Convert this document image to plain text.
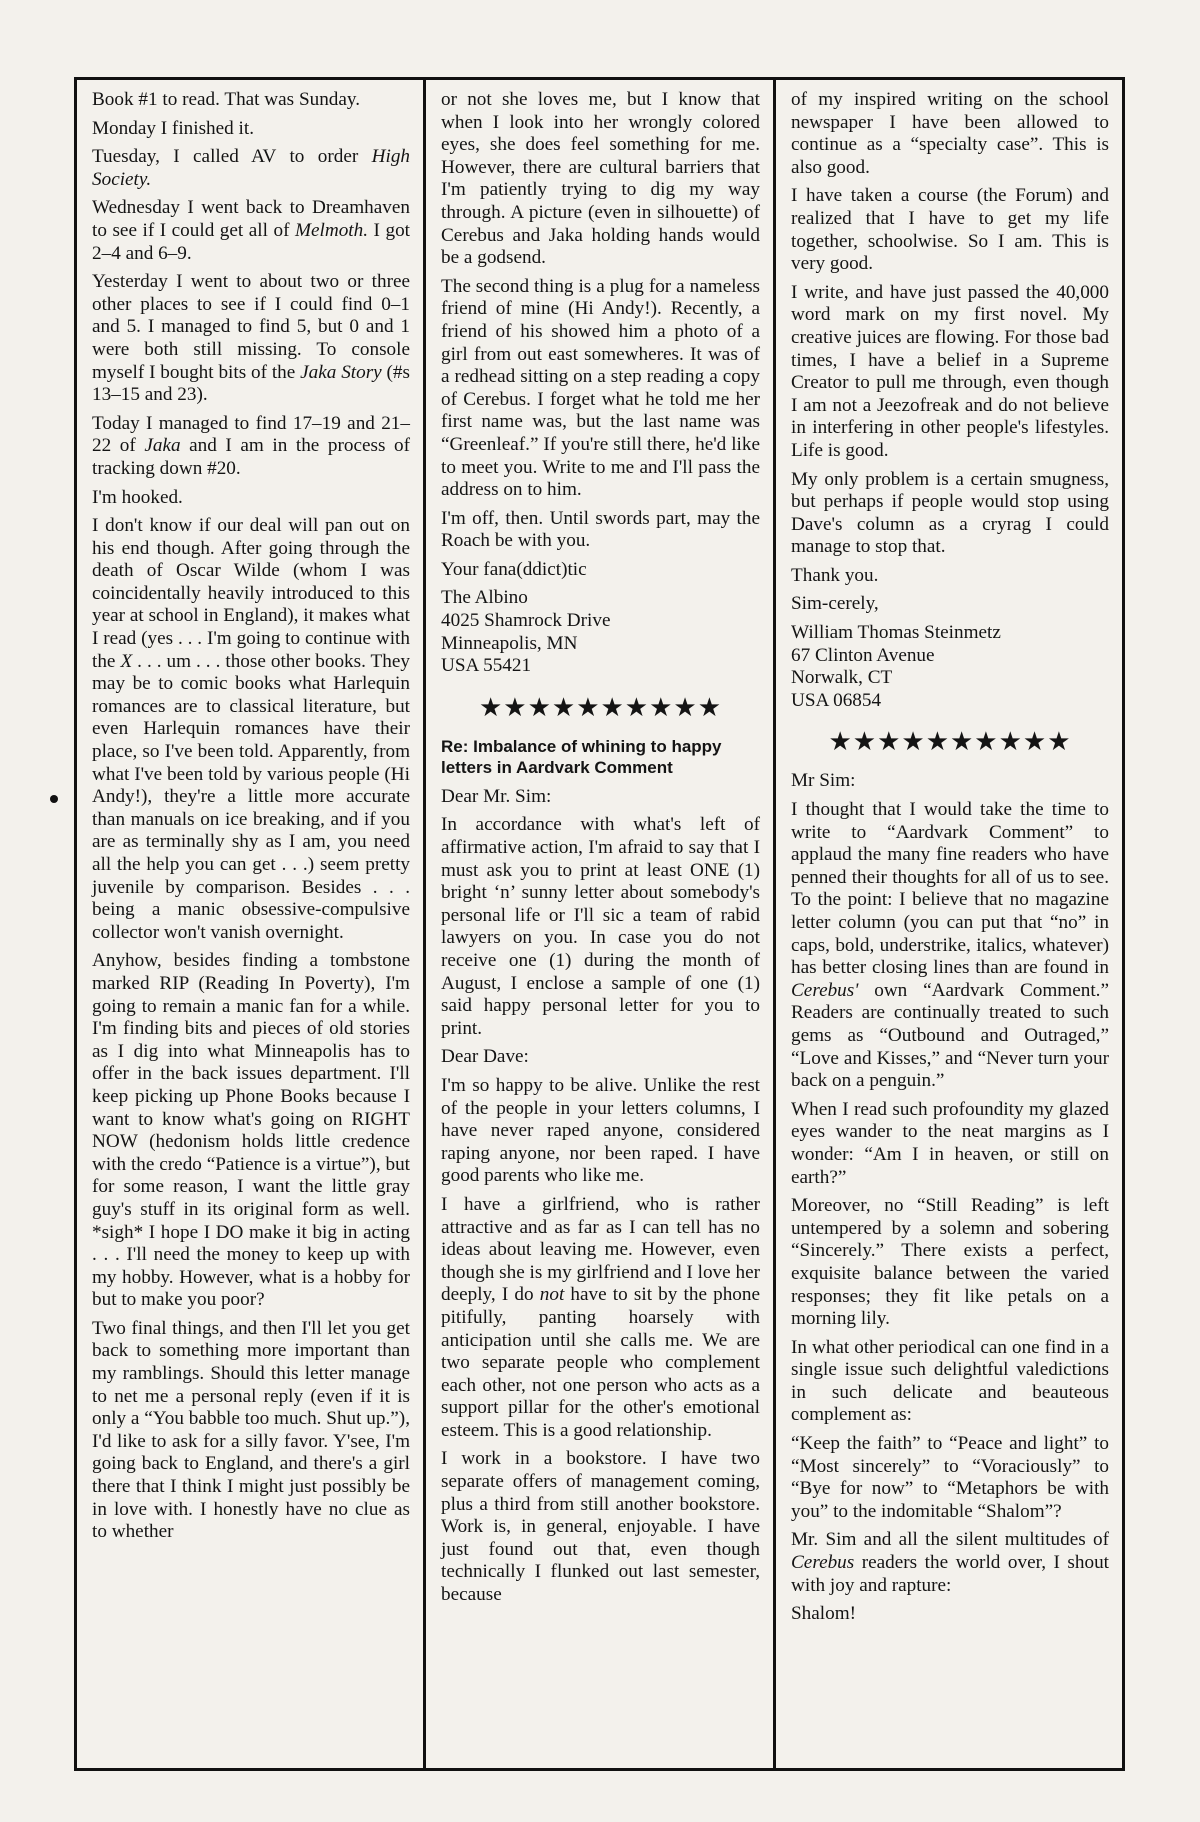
Book #1 to read. That was Sunday.

Monday I finished it.

Tuesday, I called AV to order High Society.

Wednesday I went back to Dreamhaven to see if I could get all of Melmoth. I got 2–4 and 6–9.

Yesterday I went to about two or three other places to see if I could find 0–1 and 5. I managed to find 5, but 0 and 1 were both still missing. To console myself I bought bits of the Jaka Story (#s 13–15 and 23).

Today I managed to find 17–19 and 21–22 of Jaka and I am in the process of tracking down #20.

I'm hooked.

I don't know if our deal will pan out on his end though. After going through the death of Oscar Wilde (whom I was coincidentally heavily introduced to this year at school in England), it makes what I read (yes . . . I'm going to continue with the X . . . um . . . those other books. They may be to comic books what Harlequin romances are to classical literature, but even Harlequin romances have their place, so I've been told. Apparently, from what I've been told by various people (Hi Andy!), they're a little more accurate than manuals on ice breaking, and if you are as terminally shy as I am, you need all the help you can get . . .) seem pretty juvenile by comparison. Besides . . . being a manic obsessive-compulsive collector won't vanish overnight.

Anyhow, besides finding a tombstone marked RIP (Reading In Poverty), I'm going to remain a manic fan for a while. I'm finding bits and pieces of old stories as I dig into what Minneapolis has to offer in the back issues department. I'll keep picking up Phone Books because I want to know what's going on RIGHT NOW (hedonism holds little credence with the credo “Patience is a virtue”), but for some reason, I want the little gray guy's stuff in its original form as well. *sigh* I hope I DO make it big in acting . . . I'll need the money to keep up with my hobby. However, what is a hobby for but to make you poor?

Two final things, and then I'll let you get back to something more important than my ramblings. Should this letter manage to net me a personal reply (even if it is only a “You babble too much. Shut up.”), I'd like to ask for a silly favor. Y'see, I'm going back to England, and there's a girl there that I think I might just possibly be in love with. I honestly have no clue as to whether

or not she loves me, but I know that when I look into her wrongly colored eyes, she does feel something for me. However, there are cultural barriers that I'm patiently trying to dig my way through. A picture (even in silhouette) of Cerebus and Jaka holding hands would be a godsend.

The second thing is a plug for a nameless friend of mine (Hi Andy!). Recently, a friend of his showed him a photo of a girl from out east somewheres. It was of a redhead sitting on a step reading a copy of Cerebus. I forget what he told me her first name was, but the last name was “Greenleaf.” If you're still there, he'd like to meet you. Write to me and I'll pass the address on to him.

I'm off, then. Until swords part, may the Roach be with you.

Your fana(ddict)tic

The Albino
4025 Shamrock Drive
Minneapolis, MN
USA 55421

★★★★★★★★★★
Re: Imbalance of whining to happy letters in Aardvark Comment

Dear Mr. Sim:

In accordance with what's left of affirmative action, I'm afraid to say that I must ask you to print at least ONE (1) bright ‘n’ sunny letter about somebody's personal life or I'll sic a team of rabid lawyers on you. In case you do not receive one (1) during the month of August, I enclose a sample of one (1) said happy personal letter for you to print.

Dear Dave:

I'm so happy to be alive. Unlike the rest of the people in your letters columns, I have never raped anyone, considered raping anyone, nor been raped. I have good parents who like me.

I have a girlfriend, who is rather attractive and as far as I can tell has no ideas about leaving me. However, even though she is my girlfriend and I love her deeply, I do not have to sit by the phone pitifully, panting hoarsely with anticipation until she calls me. We are two separate people who complement each other, not one person who acts as a support pillar for the other's emotional esteem. This is a good relationship.

I work in a bookstore. I have two separate offers of management coming, plus a third from still another bookstore. Work is, in general, enjoyable. I have just found out that, even though technically I flunked out last semester, because

of my inspired writing on the school newspaper I have been allowed to continue as a “specialty case”. This is also good.

I have taken a course (the Forum) and realized that I have to get my life together, schoolwise. So I am. This is very good.

I write, and have just passed the 40,000 word mark on my first novel. My creative juices are flowing. For those bad times, I have a belief in a Supreme Creator to pull me through, even though I am not a Jeezofreak and do not believe in interfering in other people's lifestyles. Life is good.

My only problem is a certain smugness, but perhaps if people would stop using Dave's column as a cryrag I could manage to stop that.

Thank you.

Sim-cerely,

William Thomas Steinmetz
67 Clinton Avenue
Norwalk, CT
USA 06854

★★★★★★★★★★

Mr Sim:

I thought that I would take the time to write to “Aardvark Comment” to applaud the many fine readers who have penned their thoughts for all of us to see. To the point: I believe that no magazine letter column (you can put that “no” in caps, bold, understrike, italics, whatever) has better closing lines than are found in Cerebus' own “Aardvark Comment.” Readers are continually treated to such gems as “Outbound and Outraged,” “Love and Kisses,” and “Never turn your back on a penguin.”

When I read such profoundity my glazed eyes wander to the neat margins as I wonder: “Am I in heaven, or still on earth?”

Moreover, no “Still Reading” is left untempered by a solemn and sobering “Sincerely.” There exists a perfect, exquisite balance between the varied responses; they fit like petals on a morning lily.

In what other periodical can one find in a single issue such delightful valedictions in such delicate and beauteous complement as:

“Keep the faith” to “Peace and light” to “Most sincerely” to “Voraciously” to “Bye for now” to “Metaphors be with you” to the indomitable “Shalom”?

Mr. Sim and all the silent multitudes of Cerebus readers the world over, I shout with joy and rapture:

Shalom!
